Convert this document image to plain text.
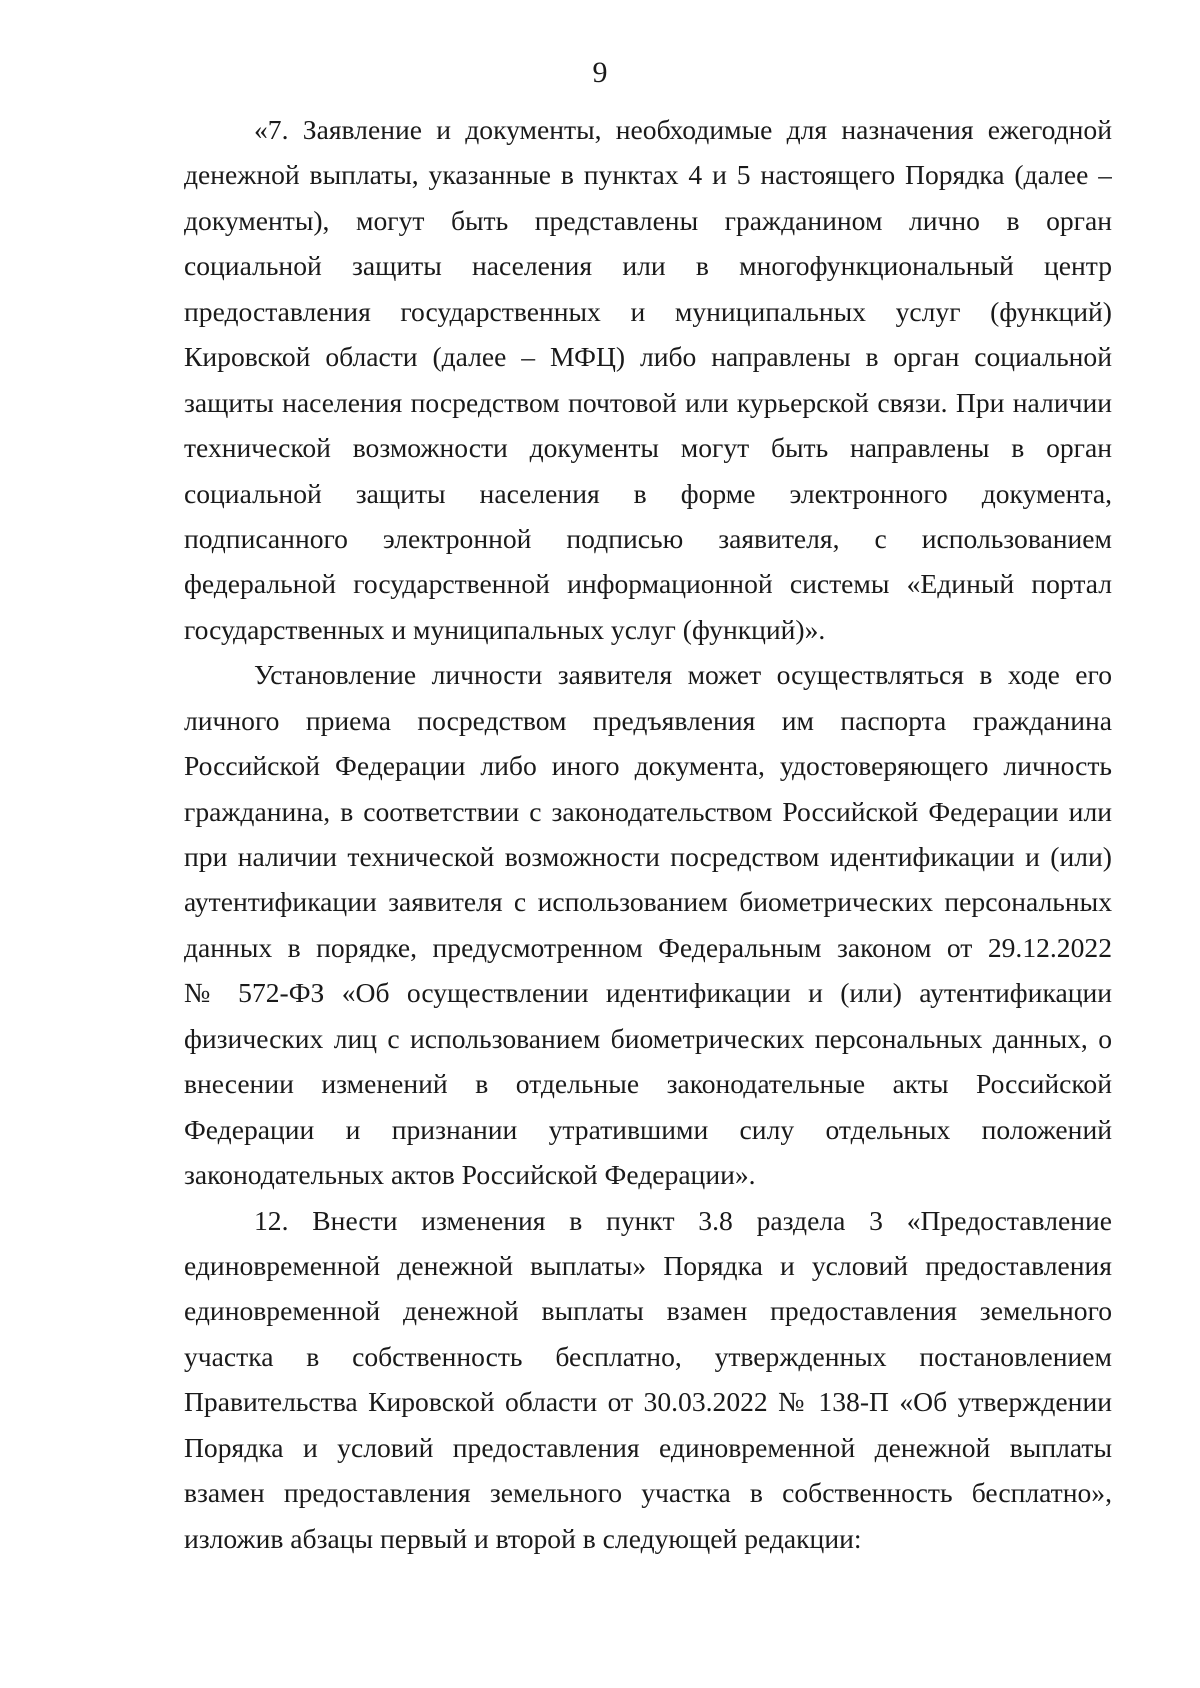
9
«7. Заявление и документы, необходимые для назначения ежегодной
денежной выплаты, указанные в пунктах 4 и 5 настоящего Порядка (далее –
документы), могут быть представлены гражданином лично в орган
социальной защиты населения или в многофункциональный центр
предоставления государственных и муниципальных услуг (функций)
Кировской области (далее – МФЦ) либо направлены в орган социальной
защиты населения посредством почтовой или курьерской связи. При наличии
технической возможности документы могут быть направлены в орган
социальной защиты населения в форме электронного документа,
подписанного электронной подписью заявителя, с использованием
федеральной государственной информационной системы «Единый портал
государственных и муниципальных услуг (функций)».
Установление личности заявителя может осуществляться в ходе его
личного приема посредством предъявления им паспорта гражданина
Российской Федерации либо иного документа, удостоверяющего личность
гражданина, в соответствии с законодательством Российской Федерации или
при наличии технической возможности посредством идентификации и (или)
аутентификации заявителя с использованием биометрических персональных
данных в порядке, предусмотренном Федеральным законом от 29.12.2022
№ 572-ФЗ «Об осуществлении идентификации и (или) аутентификации
физических лиц с использованием биометрических персональных данных, о
внесении изменений в отдельные законодательные акты Российской
Федерации и признании утратившими силу отдельных положений
законодательных актов Российской Федерации».
12. Внести изменения в пункт 3.8 раздела 3 «Предоставление
единовременной денежной выплаты» Порядка и условий предоставления
единовременной денежной выплаты взамен предоставления земельного
участка в собственность бесплатно, утвержденных постановлением
Правительства Кировской области от 30.03.2022 № 138-П «Об утверждении
Порядка и условий предоставления единовременной денежной выплаты
взамен предоставления земельного участка в собственность бесплатно»,
изложив абзацы первый и второй в следующей редакции:
